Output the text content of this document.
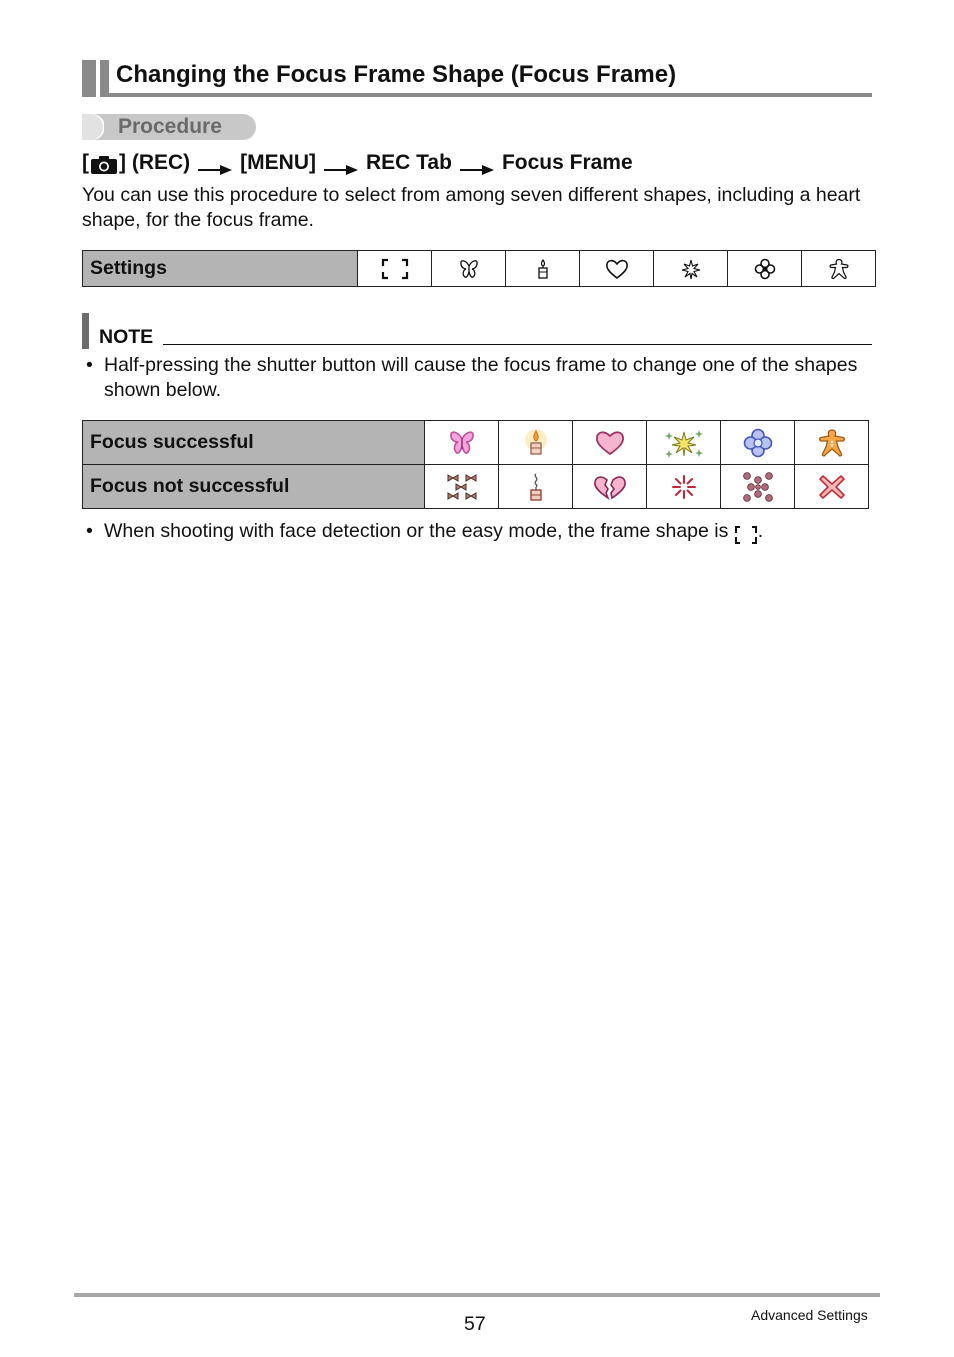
Changing the Focus Frame Shape (Focus Frame)
Procedure
[ ] (REC) [MENU] REC Tab Focus Frame
You can use this procedure to select from among seven different shapes, including a heart shape, for the focus frame.
Settings							
NOTE
• Half-pressing the shutter button will cause the focus frame to change one of the shapes shown below.
Focus successful						
Focus not successful						
• When shooting with face detection or the easy mode, the frame shape is .
57	Advanced Settings
